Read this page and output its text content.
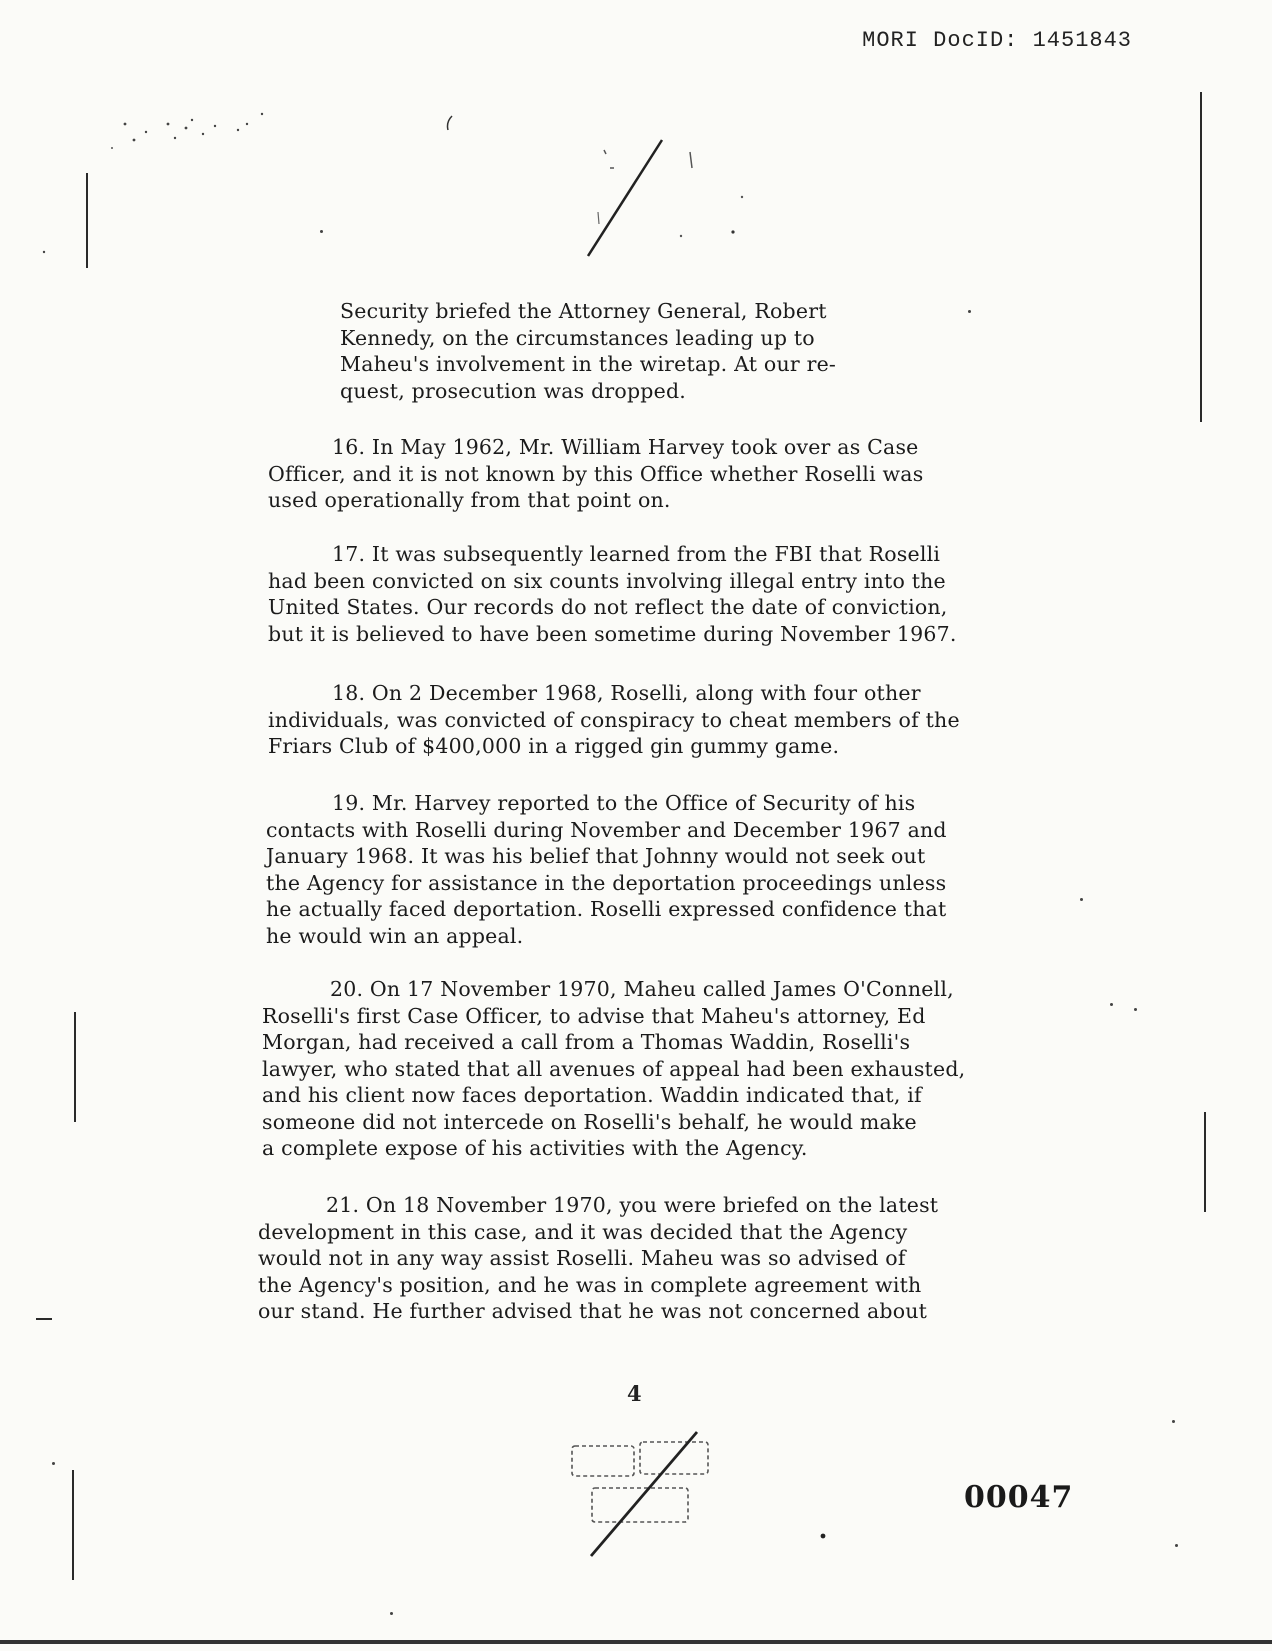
MORI DocID: 1451843

Security briefed the Attorney General, Robert
Kennedy, on the circumstances leading up to
Maheu's involvement in the wiretap. At our re-
quest, prosecution was dropped.

16. In May 1962, Mr. William Harvey took over as Case
Officer, and it is not known by this Office whether Roselli was
used operationally from that point on.

17. It was subsequently learned from the FBI that Roselli
had been convicted on six counts involving illegal entry into the
United States. Our records do not reflect the date of conviction,
but it is believed to have been sometime during November 1967.

18. On 2 December 1968, Roselli, along with four other
individuals, was convicted of conspiracy to cheat members of the
Friars Club of $400,000 in a rigged gin gummy game.

19. Mr. Harvey reported to the Office of Security of his
contacts with Roselli during November and December 1967 and
January 1968. It was his belief that Johnny would not seek out
the Agency for assistance in the deportation proceedings unless
he actually faced deportation. Roselli expressed confidence that
he would win an appeal.

20. On 17 November 1970, Maheu called James O'Connell,
Roselli's first Case Officer, to advise that Maheu's attorney, Ed
Morgan, had received a call from a Thomas Waddin, Roselli's
lawyer, who stated that all avenues of appeal had been exhausted,
and his client now faces deportation. Waddin indicated that, if
someone did not intercede on Roselli's behalf, he would make
a complete expose of his activities with the Agency.

21. On 18 November 1970, you were briefed on the latest
development in this case, and it was decided that the Agency
would not in any way assist Roselli. Maheu was so advised of
the Agency's position, and he was in complete agreement with
our stand. He further advised that he was not concerned about

4
00047
